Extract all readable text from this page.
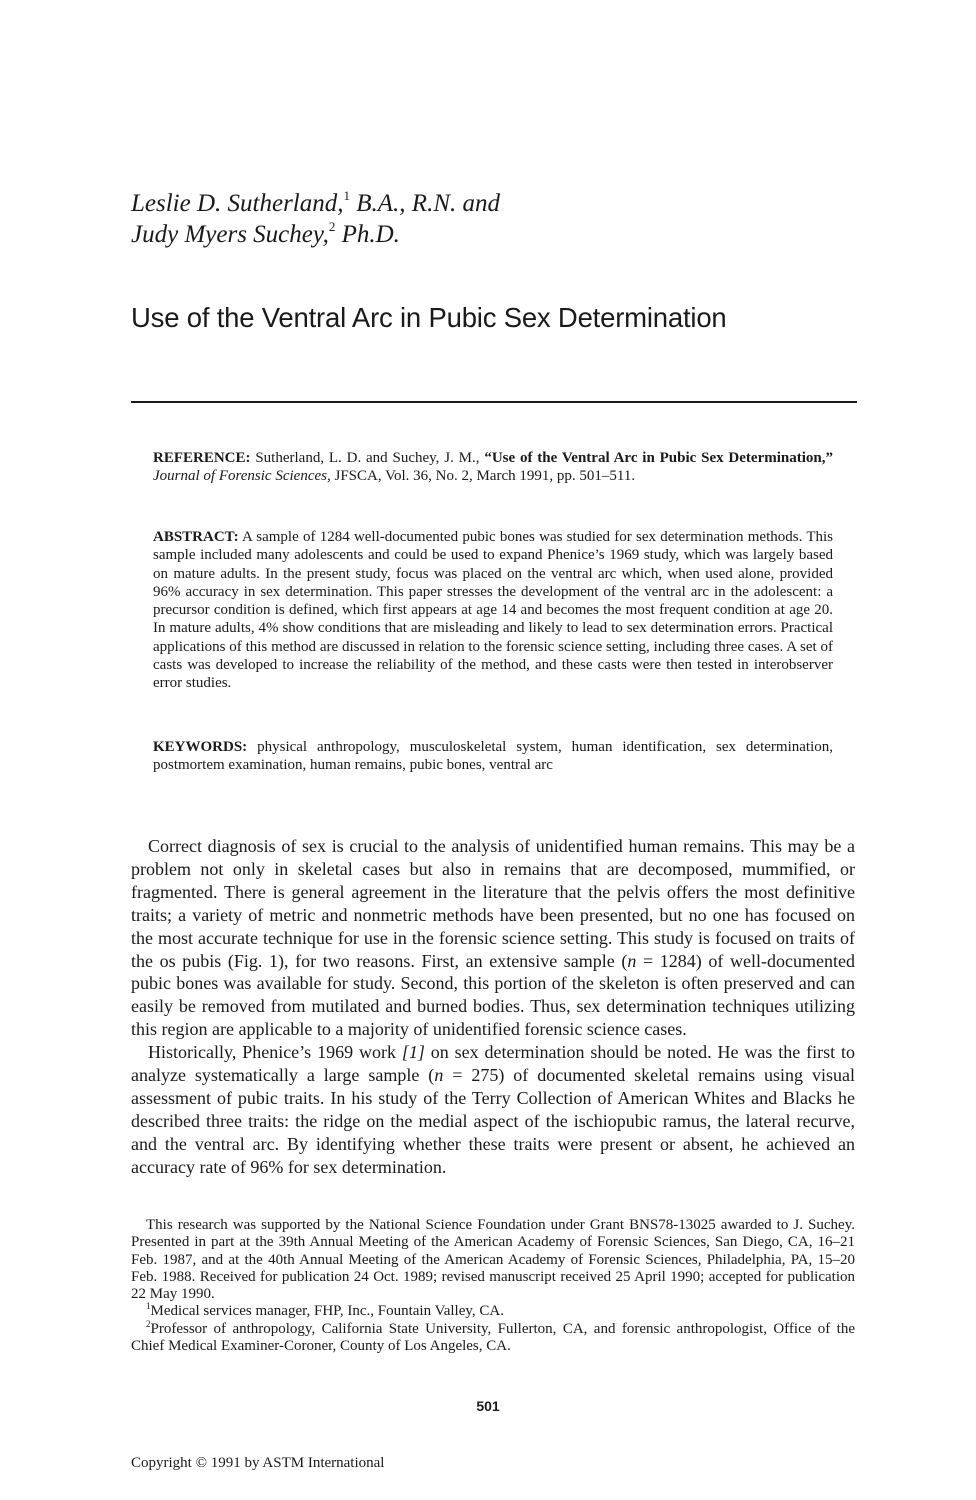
Leslie D. Sutherland,$^1$ B.A., R.N. and
Judy Myers Suchey,$^2$ Ph.D.
Use of the Ventral Arc in Pubic Sex Determination
REFERENCE: Sutherland, L. D. and Suchey, J. M., “Use of the Ventral Arc in Pubic Sex Determination,” Journal of Forensic Sciences, JFSCA, Vol. 36, No. 2, March 1991, pp. 501–511.
ABSTRACT: A sample of 1284 well-documented pubic bones was studied for sex determination methods. This sample included many adolescents and could be used to expand Phenice’s 1969 study, which was largely based on mature adults. In the present study, focus was placed on the ventral arc which, when used alone, provided 96% accuracy in sex determination. This paper stresses the development of the ventral arc in the adolescent: a precursor condition is defined, which first appears at age 14 and becomes the most frequent condition at age 20. In mature adults, 4% show conditions that are misleading and likely to lead to sex determination errors. Practical applications of this method are discussed in relation to the forensic science setting, including three cases. A set of casts was developed to increase the reliability of the method, and these casts were then tested in interobserver error studies.
KEYWORDS: physical anthropology, musculoskeletal system, human identification, sex determination, postmortem examination, human remains, pubic bones, ventral arc

Correct diagnosis of sex is crucial to the analysis of unidentified human remains. This may be a problem not only in skeletal cases but also in remains that are decomposed, mummified, or fragmented. There is general agreement in the literature that the pelvis offers the most definitive traits; a variety of metric and nonmetric methods have been presented, but no one has focused on the most accurate technique for use in the forensic science setting. This study is focused on traits of the os pubis (Fig. 1), for two reasons. First, an extensive sample (n = 1284) of well-documented pubic bones was available for study. Second, this portion of the skeleton is often preserved and can easily be removed from mutilated and burned bodies. Thus, sex determination techniques utilizing this region are applicable to a majority of unidentified forensic science cases.

Historically, Phenice’s 1969 work [1] on sex determination should be noted. He was the first to analyze systematically a large sample (n = 275) of documented skeletal remains using visual assessment of pubic traits. In his study of the Terry Collection of American Whites and Blacks he described three traits: the ridge on the medial aspect of the ischiopubic ramus, the lateral recurve, and the ventral arc. By identifying whether these traits were present or absent, he achieved an accuracy rate of 96% for sex determination.

This research was supported by the National Science Foundation under Grant BNS78-13025 awarded to J. Suchey. Presented in part at the 39th Annual Meeting of the American Academy of Forensic Sciences, San Diego, CA, 16–21 Feb. 1987, and at the 40th Annual Meeting of the American Academy of Forensic Sciences, Philadelphia, PA, 15–20 Feb. 1988. Received for publication 24 Oct. 1989; revised manuscript received 25 April 1990; accepted for publication 22 May 1990.

$^1$Medical services manager, FHP, Inc., Fountain Valley, CA.

$^2$Professor of anthropology, California State University, Fullerton, CA, and forensic anthropologist, Office of the Chief Medical Examiner-Coroner, County of Los Angeles, CA.

501
Copyright © 1991 by ASTM International
